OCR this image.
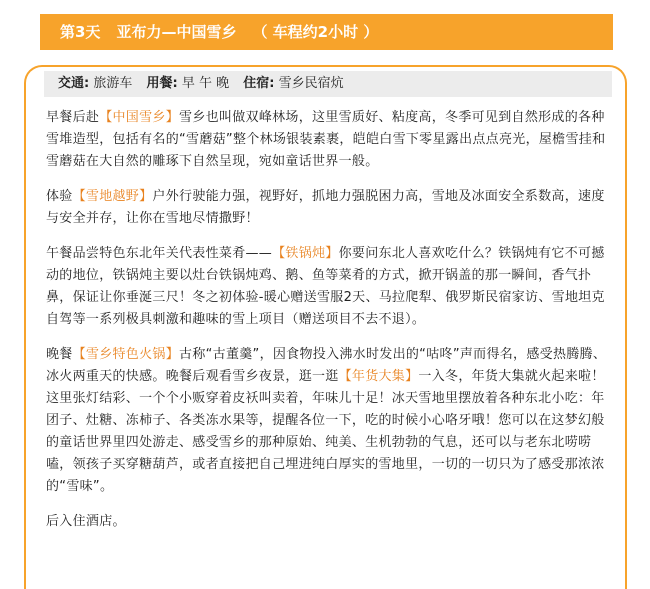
第3天 亚布力—中国雪乡 （ 车程约2小时 ）
交通: 旅游车 用餐: 早 午 晚 住宿: 雪乡民宿炕

早餐后赴【中国雪乡】雪乡也叫做双峰林场，这里雪质好、粘度高，冬季可见到自然形成的各种雪堆造型，包括有名的“雪蘑菇”整个林场银装素裹，皑皑白雪下零星露出点点亮光，屋檐雪挂和雪蘑菇在大自然的雕琢下自然呈现，宛如童话世界一般。

体验【雪地越野】户外行驶能力强，视野好，抓地力强脱困力高，雪地及冰面安全系数高，速度与安全并存，让你在雪地尽情撒野！

午餐品尝特色东北年关代表性菜肴——【铁锅炖】你要问东北人喜欢吃什么？铁锅炖有它不可撼动的地位，铁锅炖主要以灶台铁锅炖鸡、鹅、鱼等菜肴的方式，掀开锅盖的那一瞬间，香气扑鼻，保证让你垂涎三尺！冬之初体验-暖心赠送雪服2天、马拉爬犁、俄罗斯民宿家访、雪地坦克自驾等一系列极具刺激和趣味的雪上项目（赠送项目不去不退）。

晚餐【雪乡特色火锅】古称“古董羹”，因食物投入沸水时发出的“咕咚”声而得名，感受热腾腾、冰火两重天的快感。晚餐后观看雪乡夜景，逛一逛【年货大集】一入冬，年货大集就火起来啦！这里张灯结彩、一个个小贩穿着皮袄叫卖着，年味儿十足！冰天雪地里摆放着各种东北小吃：年团子、灶糖、冻柿子、各类冻水果等，提醒各位一下，吃的时候小心咯牙哦！您可以在这梦幻般的童话世界里四处游走、感受雪乡的那种原始、纯美、生机勃勃的气息，还可以与老东北唠唠嗑，领孩子买穿糖葫芦，或者直接把自己埋进纯白厚实的雪地里，一切的一切只为了感受那浓浓的“雪味”。

后入住酒店。
